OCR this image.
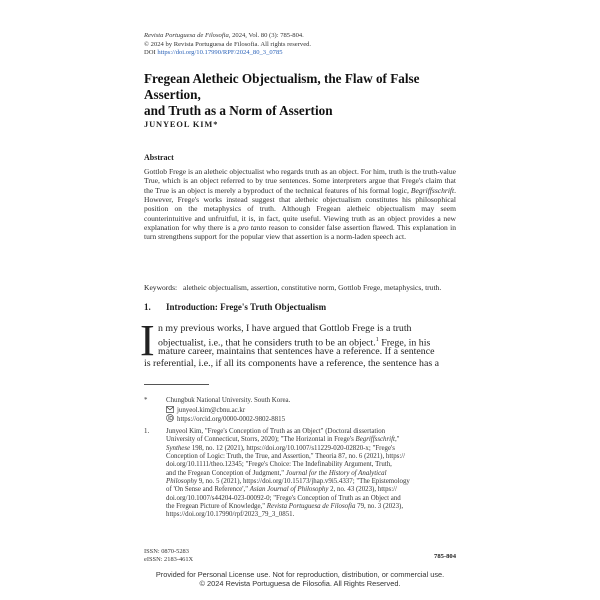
Revista Portuguesa de Filosofia, 2024, Vol. 80 (3): 785-804.
© 2024 by Revista Portuguesa de Filosofia. All rights reserved.
DOI https://doi.org/10.17990/RPF/2024_80_3_0785
Fregean Aletheic Objectualism, the Flaw of False Assertion,
and Truth as a Norm of Assertion
JUNYEOL KIM*
Abstract
Gottlob Frege is an aletheic objectualist who regards truth as an object. For him, truth is the truth-value True, which is an object referred to by true sentences. Some interpreters argue that Frege's claim that the True is an object is merely a byproduct of the technical features of his formal logic, Begriffsschrift. However, Frege's works instead suggest that aletheic objectualism constitutes his philosophical position on the metaphysics of truth. Although Fregean aletheic objectualism may seem counterintuitive and unfruitful, it is, in fact, quite useful. Viewing truth as an object provides a new explanation for why there is a pro tanto reason to consider false assertion flawed. This explanation in turn strengthens support for the popular view that assertion is a norm-laden speech act.
Keywords: aletheic objectualism, assertion, constitutive norm, Gottlob Frege, metaphysics, truth.
1. Introduction: Frege's Truth Objectualism
I n my previous works, I have argued that Gottlob Frege is a truth
objectualist, i.e., that he considers truth to be an object.$^1$ Frege, in his
mature career, maintains that sentences have a reference. If a sentence
is referential, i.e., if all its components have a reference, the sentence has a
*	Chungbuk National University. South Korea.
junyeol.kim@cbnu.ac.kr
https://orcid.org/0000-0002-9802-8815
1. Junyeol Kim, "Frege's Conception of Truth as an Object" (Doctoral dissertation
University of Connecticut, Storrs, 2020); "The Horizontal in Frege's Begriffsschrift,"
Synthese 198, no. 12 (2021), https://doi.org/10.1007/s11229-020-02820-x; "Frege's
Conception of Logic: Truth, the True, and Assertion," Theoria 87, no. 6 (2021), https://
doi.org/10.1111/theo.12345; "Frege's Choice: The Indefinability Argument, Truth,
and the Fregean Conception of Judgment," Journal for the History of Analytical
Philosophy 9, no. 5 (2021), https://doi.org/10.15173/jhap.v9i5.4337; "The Epistemology
of 'On Sense and Reference'," Asian Journal of Philosophy 2, no. 43 (2023), https://
doi.org/10.1007/s44204-023-00092-0; "Frege's Conception of Truth as an Object and
the Fregean Picture of Knowledge," Revista Portuguesa de Filosofia 79, no. 3 (2023),
https://doi.org/10.17990/rpf/2023_79_3_0851.
ISSN: 0870-5283
eISSN: 2183-461X	785-804
Provided for Personal License use. Not for reproduction, distribution, or commercial use.
© 2024 Revista Portuguesa de Filosofia. All Rights Reserved.
